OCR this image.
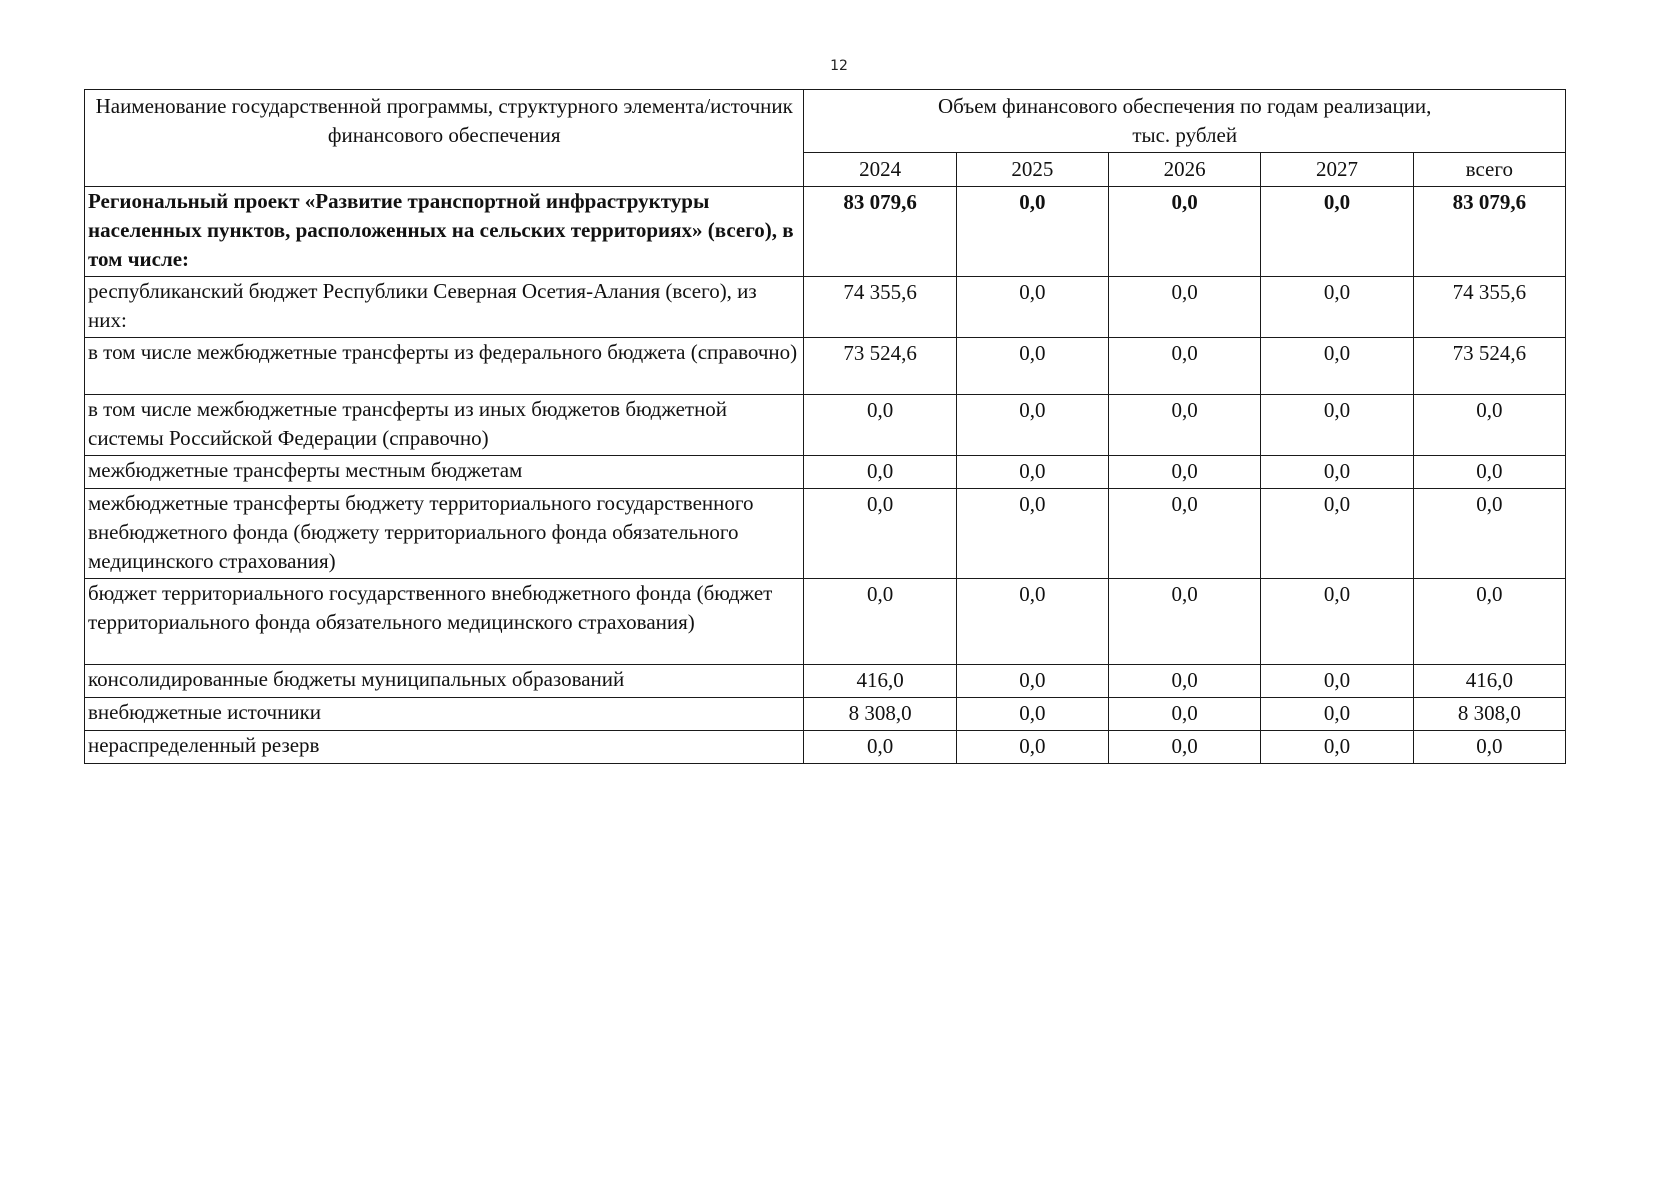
12
Наименование государственной программы, структурного элемента/источник финансового обеспечения	Объем финансового обеспечения по годам реализации,
тыс. рублей				

	2024	2025	2026	2027	всего
Региональный проект «Развитие транспортной инфраструктуры населенных пунктов, расположенных на сельских территориях» (всего), в том числе:	83 079,6	0,0	0,0	0,0	83 079,6
республиканский бюджет Республики Северная Осетия-Алания (всего), из них:	74 355,6	0,0	0,0	0,0	74 355,6
в том числе межбюджетные трансферты из федерального бюджета (справочно)	73 524,6	0,0	0,0	0,0	73 524,6
в том числе межбюджетные трансферты из иных бюджетов бюджетной системы Российской Федерации (справочно)	0,0	0,0	0,0	0,0	0,0
межбюджетные трансферты местным бюджетам	0,0	0,0	0,0	0,0	0,0
межбюджетные трансферты бюджету территориального государственного внебюджетного фонда (бюджету территориального фонда обязательного медицинского страхования)	0,0	0,0	0,0	0,0	0,0
бюджет территориального государственного внебюджетного фонда (бюджет территориального фонда обязательного медицинского страхования)	0,0	0,0	0,0	0,0	0,0
консолидированные бюджеты муниципальных образований	416,0	0,0	0,0	0,0	416,0
внебюджетные источники	8 308,0	0,0	0,0	0,0	8 308,0
нераспределенный резерв	0,0	0,0	0,0	0,0	0,0
